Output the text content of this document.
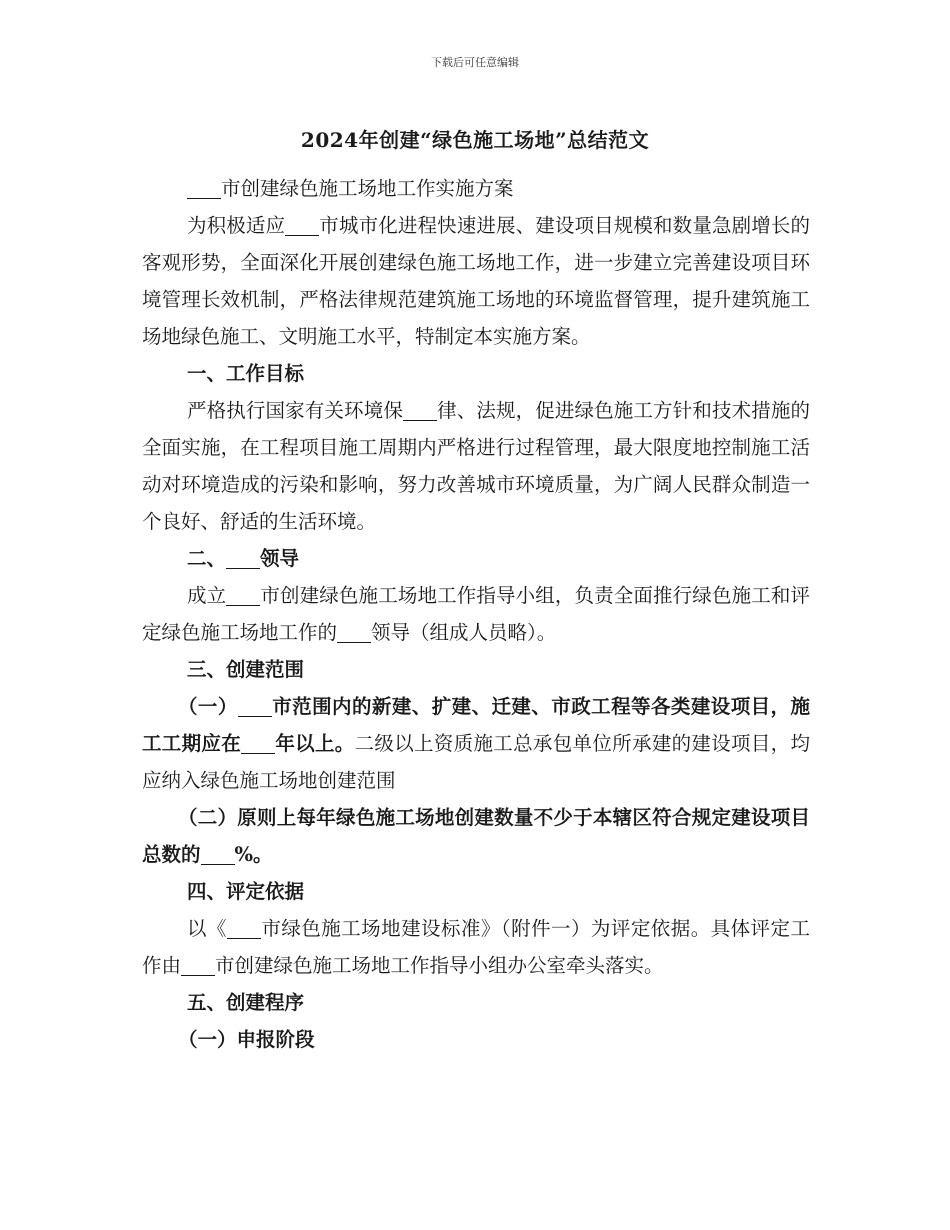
下载后可任意编辑
2024年创建“绿色施工场地”总结范文

市创建绿色施工场地工作实施方案

为积极适应 市城市化进程快速进展、建设项目规模和数量急剧增长的客观形势，全面深化开展创建绿色施工场地工作，进一步建立完善建设项目环境管理长效机制，严格法律规范建筑施工场地的环境监督管理，提升建筑施工场地绿色施工、文明施工水平，特制定本实施方案。

一、工作目标

严格执行国家有关环境保 律、法规，促进绿色施工方针和技术措施的全面实施，在工程项目施工周期内严格进行过程管理，最大限度地控制施工活动对环境造成的污染和影响，努力改善城市环境质量，为广阔人民群众制造一个良好、舒适的生活环境。

二、 领导

成立 市创建绿色施工场地工作指导小组，负责全面推行绿色施工和评定绿色施工场地工作的 领导（组成人员略）。

三、创建范围

（一） 市范围内的新建、扩建、迁建、市政工程等各类建设项目，施工工期应在 年以上。二级以上资质施工总承包单位所承建的建设项目，均应纳入绿色施工场地创建范围

（二）原则上每年绿色施工场地创建数量不少于本辖区符合规定建设项目总数的 %。

四、评定依据

以《 市绿色施工场地建设标准》（附件一）为评定依据。具体评定工作由 市创建绿色施工场地工作指导小组办公室牵头落实。

五、创建程序

（一）申报阶段
